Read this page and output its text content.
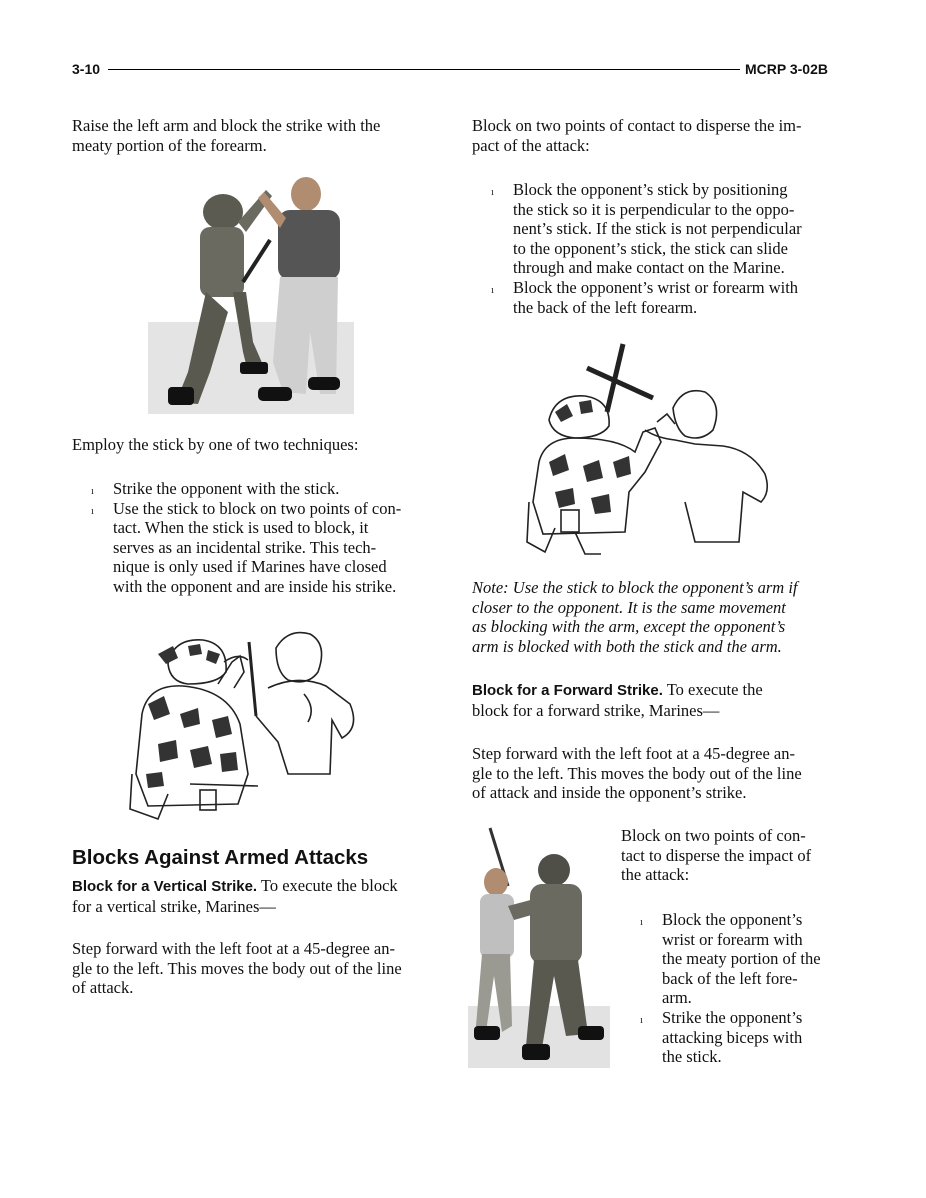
3-10	MCRP 3-02B

Raise the left arm and block the strike with the

meaty portion of the forearm.

Employ the stick by one of two techniques:
ı Strike the opponent with the stick.
ı Use the stick to block on two points of con-
tact. When the stick is used to block, it
serves as an incidental strike. This tech-
nique is only used if Marines have closed
with the opponent and are inside his strike.
Blocks Against Armed Attacks

Block for a Vertical Strike. To execute the block

for a vertical strike, Marines—

Step forward with the left foot at a 45-degree an-

gle to the left. This moves the body out of the line

of attack.

Block on two points of contact to disperse the im-

pact of the attack:

ı Block the opponent’s stick by positioning
the stick so it is perpendicular to the oppo-
nent’s stick. If the stick is not perpendicular
to the opponent’s stick, the stick can slide
through and make contact on the Marine.
ı Block the opponent’s wrist or forearm with
the back of the left forearm.

Note: Use the stick to block the opponent’s arm if

closer to the opponent. It is the same movement

as blocking with the arm, except the opponent’s

arm is blocked with both the stick and the arm.

Block for a Forward Strike. To execute the

block for a forward strike, Marines—

Step forward with the left foot at a 45-degree an-

gle to the left. This moves the body out of the line

of attack and inside the opponent’s strike.

Block on two points of con-

tact to disperse the impact of

the attack:

ı Block the opponent’s
wrist or forearm with
the meaty portion of the
back of the left fore-
arm.
ı Strike the opponent’s
attacking biceps with
the stick.
